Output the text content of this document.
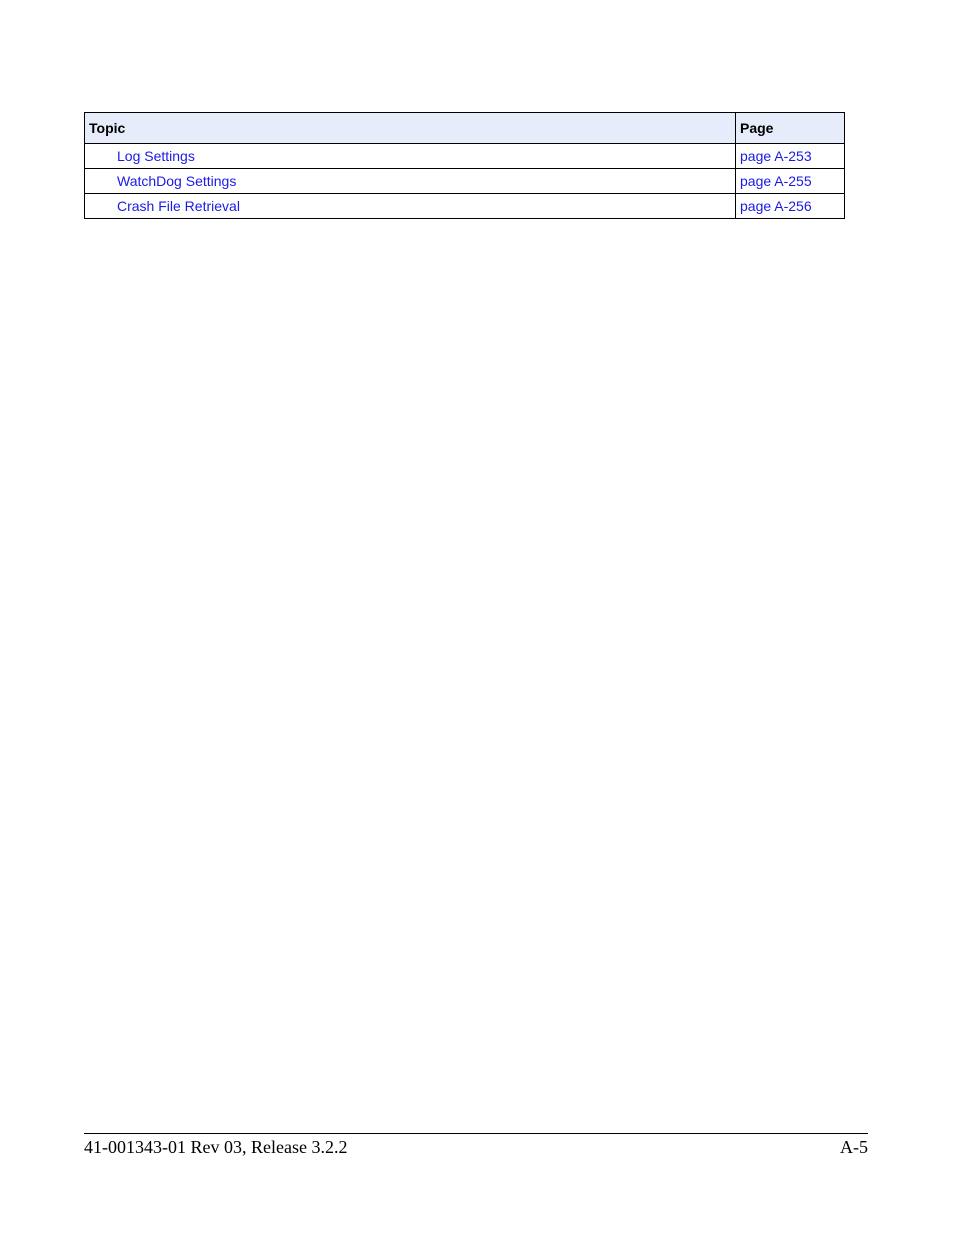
Topic	Page
Log Settings	page A-253
WatchDog Settings	page A-255
Crash File Retrieval	page A-256
41-001343-01 Rev 03, Release 3.2.2	A-5
